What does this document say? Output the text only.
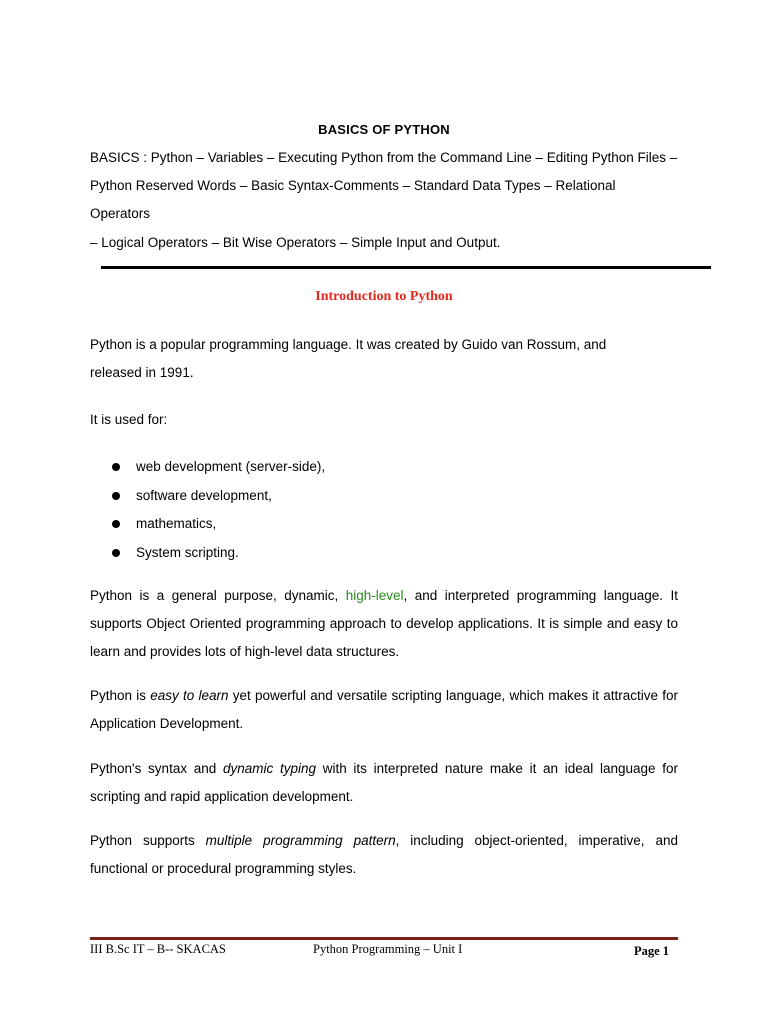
BASICS OF PYTHON
BASICS : Python – Variables – Executing Python from the Command Line – Editing Python Files –
Python Reserved Words – Basic Syntax-Comments – Standard Data Types – Relational
Operators
– Logical Operators – Bit Wise Operators – Simple Input and Output.
Introduction to Python
Python is a popular programming language. It was created by Guido van Rossum, and
released in 1991.
It is used for:
web development (server-side),
software development,
mathematics,
System scripting.
Python is a general purpose, dynamic, high-level, and interpreted programming language. It supports Object Oriented programming approach to develop applications. It is simple and easy to learn and provides lots of high-level data structures.
Python is easy to learn yet powerful and versatile scripting language, which makes it attractive for Application Development.
Python's syntax and dynamic typing with its interpreted nature make it an ideal language for scripting and rapid application development.
Python supports multiple programming pattern, including object-oriented, imperative, and functional or procedural programming styles.
III B.Sc IT – B-- SKACAS	Python Programming – Unit I	Page 1
